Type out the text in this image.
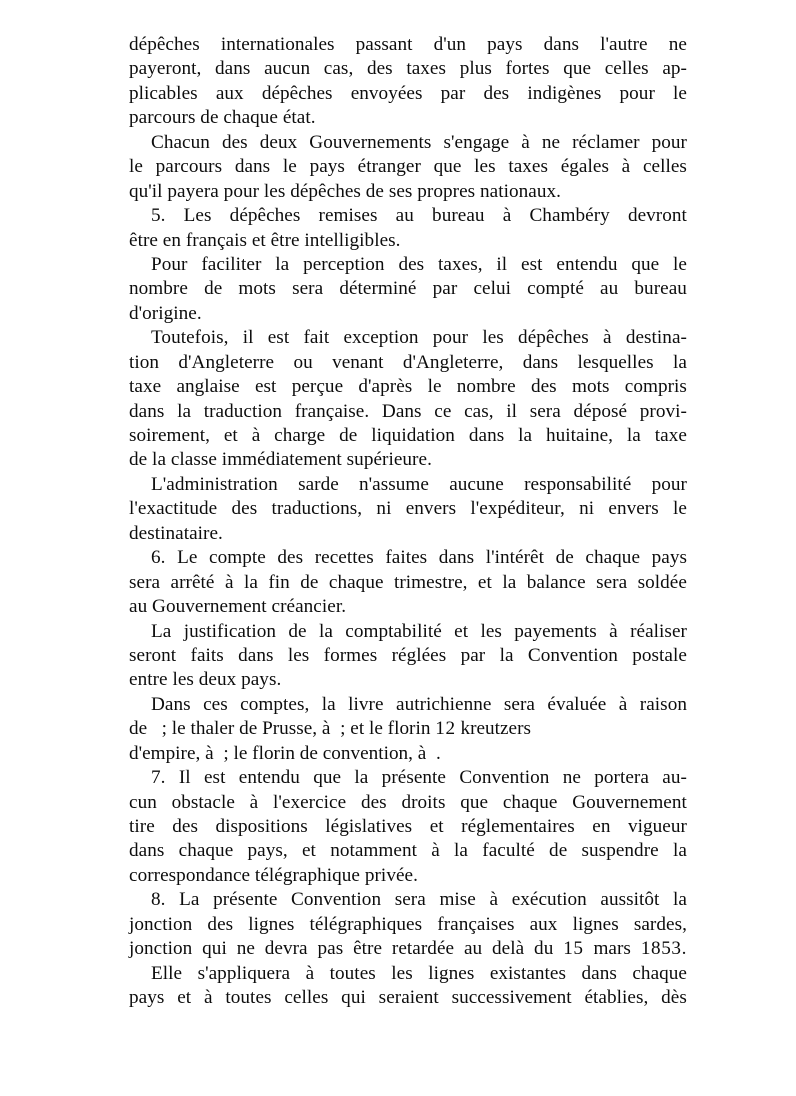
dépêches internationales passant d'un pays dans l'autre ne
payeront, dans aucun cas, des taxes plus fortes que celles ap-
plicables aux dépêches envoyées par des indigènes pour le
parcours de chaque état.
Chacun des deux Gouvernements s'engage à ne réclamer pour
le parcours dans le pays étranger que les taxes égales à celles
qu'il payera pour les dépêches de ses propres nationaux.
5. Les dépêches remises au bureau à Chambéry devront
être en français et être intelligibles.
Pour faciliter la perception des taxes, il est entendu que le
nombre de mots sera déterminé par celui compté au bureau
d'origine.
Toutefois, il est fait exception pour les dépêches à destina-
tion d'Angleterre ou venant d'Angleterre, dans lesquelles la
taxe anglaise est perçue d'après le nombre des mots compris
dans la traduction française. Dans ce cas, il sera déposé provi-
soirement, et à charge de liquidation dans la huitaine, la taxe
de la classe immédiatement supérieure.
L'administration sarde n'assume aucune responsabilité pour
l'exactitude des traductions, ni envers l'expéditeur, ni envers le
destinataire.
6. Le compte des recettes faites dans l'intérêt de chaque pays
sera arrêté à la fin de chaque trimestre, et la balance sera soldée
au Gouvernement créancier.
La justification de la comptabilité et les payements à réaliser
seront faits dans les formes réglées par la Convention postale
entre les deux pays.
Dans ces comptes, la livre autrichienne sera évaluée à raison
de   ; le thaler de Prusse, à  ; et le florin 12 kreutzers
d'empire, à  ; le florin de convention, à  .
7. Il est entendu que la présente Convention ne portera au-
cun obstacle à l'exercice des droits que chaque Gouvernement
tire des dispositions législatives et réglementaires en vigueur
dans chaque pays, et notamment à la faculté de suspendre la
correspondance télégraphique privée.
8. La présente Convention sera mise à exécution aussitôt la
jonction des lignes télégraphiques françaises aux lignes sardes,
jonction qui ne devra pas être retardée au delà du 15 mars 1853.
Elle s'appliquera à toutes les lignes existantes dans chaque
pays et à toutes celles qui seraient successivement établies, dès
